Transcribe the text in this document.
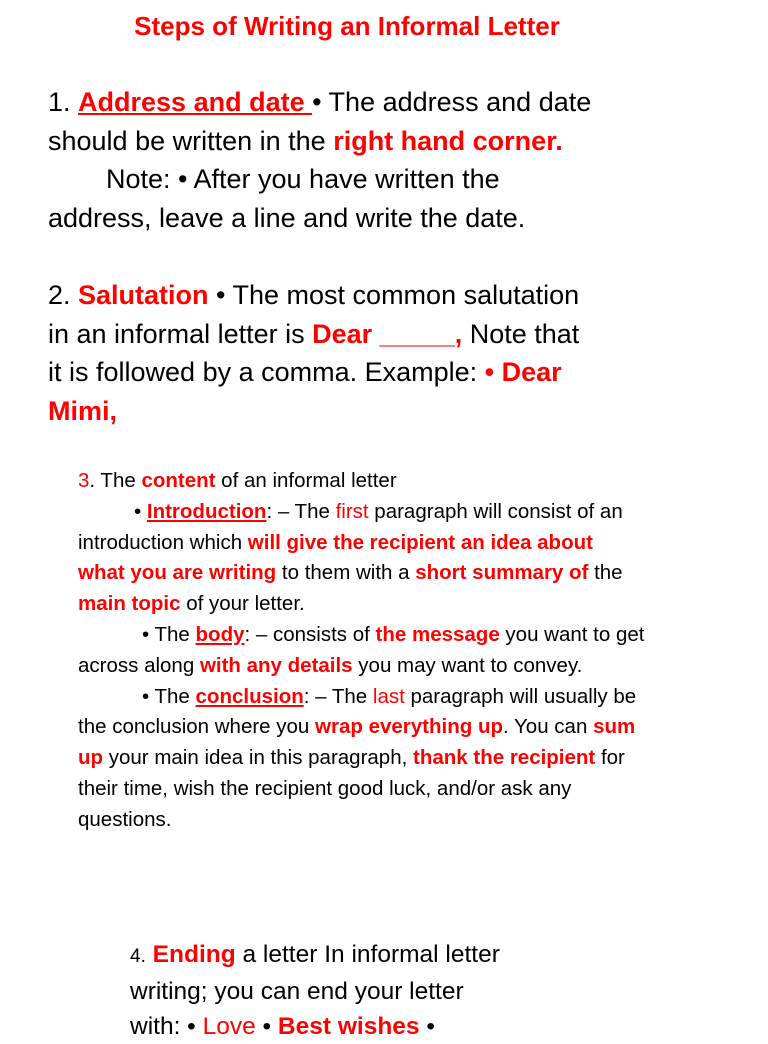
Steps of Writing an Informal Letter
1. Address and date • The address and date
should be written in the right hand corner.
Note: • After you have written the
address, leave a line and write the date.
2. Salutation • The most common salutation
in an informal letter is Dear _____, Note that
it is followed by a comma. Example: • Dear
Mimi,
3. The content of an informal letter
• Introduction: – The first paragraph will consist of an
introduction which will give the recipient an idea about
what you are writing to them with a short summary of the
main topic of your letter.
• The body: – consists of the message you want to get
across along with any details you may want to convey.
• The conclusion: – The last paragraph will usually be
the conclusion where you wrap everything up. You can sum
up your main idea in this paragraph, thank the recipient for
their time, wish the recipient good luck, and/or ask any
questions.
4. Ending a letter In informal letter
writing; you can end your letter
with: • Love • Best wishes •
